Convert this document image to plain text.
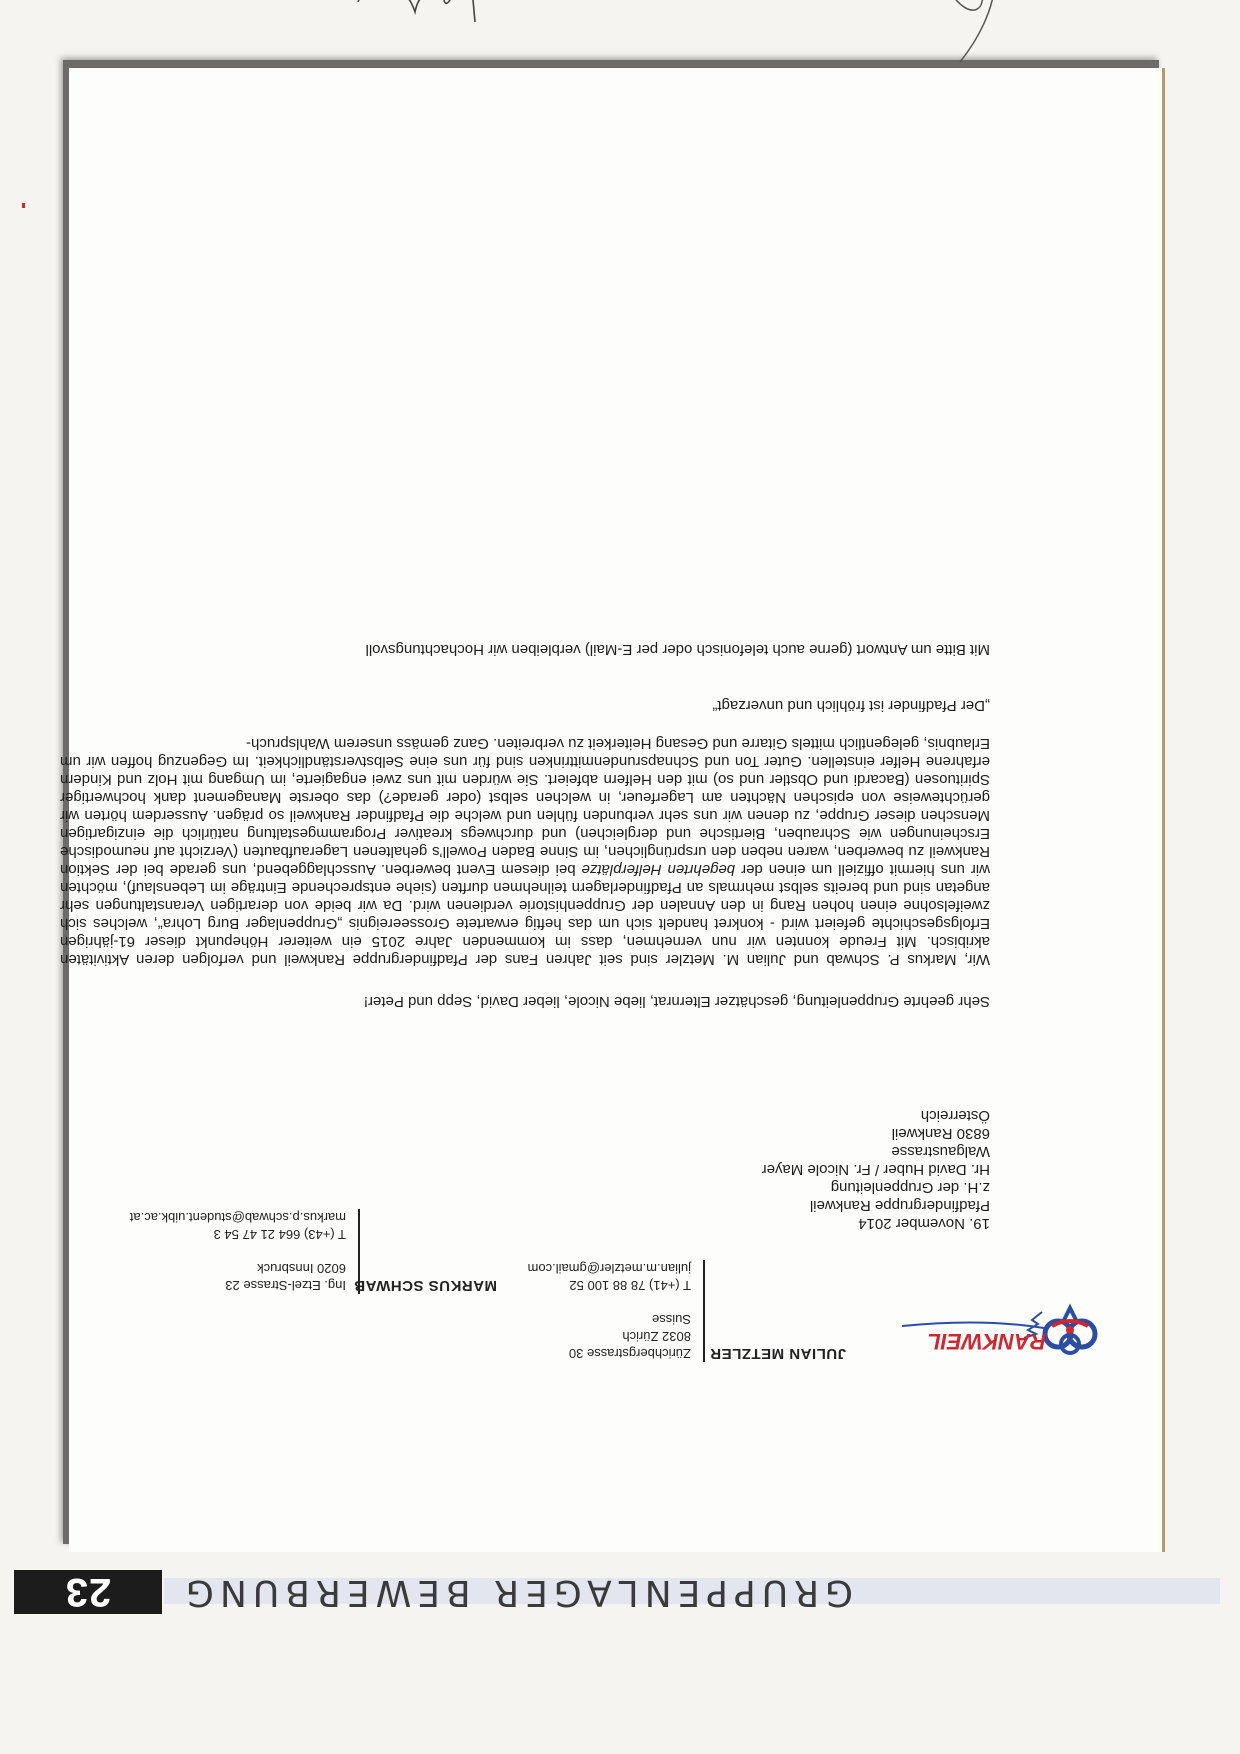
GRUPPENLAGER BEWERBUNG
23
RANKWEIL
Zürichbergstrasse 30
8032 Zürich
Suisse
T (+41) 78 88 100 52
julian.m.metzler@gmail.com
JULIAN METZLER
MARKUS SCHWAB
Ing. Etzel-Strasse 23
6020 Innsbruck
T (+43) 664 21 47 54 3
markus.p.schwab@student.uibk.ac.at	19. November 2014
Pfadfindergruppe Rankweil
z.H. der Gruppenleitung
Hr. David Huber / Fr. Nicole Mayer
Walgaustrasse
6830 Rankweil
Österreich
Sehr geehrte Gruppenleitung, geschätzer Elternrat, liebe Nicole, lieber David, Sepp und Peter!
Wir, Markus P. Schwab und Julian M. Metzler sind seit Jahren Fans der Pfadfindergruppe Rankweil und verfolgen deren Aktivitäten akribisch. Mit Freude konnten wir nun vernehmen, dass im kommenden Jahre 2015 ein weiterer Höhepunkt dieser 61-jährigen Erfolgsgeschichte gefeiert wird - konkret handelt sich um das heftig erwartete Grosseereignis „Gruppenlager Burg Lohra“, welches sich zweifelsohne einen hohen Rang in den Annalen der Gruppenhistorie verdienen wird. Da wir beide von derartigen Veranstaltungen sehr angetan sind und bereits selbst mehrmals an Pfadfinderlagern teilnehmen durften (siehe entsprechende Einträge im Lebenslauf), möchten wir uns hiermit offiziell um einen der begehrten Helferplätze bei diesem Event bewerben. Ausschlaggebend, uns gerade bei der Sektion Rankweil zu bewerben, waren neben den ursprünglichen, im Sinne Baden Powell’s gehaltenen Lageraufbauten (Verzicht auf neumodische Erscheinungen wie Schrauben, Biertische und dergleichen) und durchwegs kreativer Programmgestaltung natürlich die einzigartigen Menschen dieser Gruppe, zu denen wir uns sehr verbunden fühlen und welche die Pfadfinder Rankweil so prägen. Ausserdem hörten wir gerüchteweise von epischen Nächten am Lagerfeuer, in welchen selbst (oder gerade?) das oberste Management dank hochwertiger Spirituosen (Bacardi und Obstler und so) mit den Helfern abfeiert. Sie würden mit uns zwei engagierte, im Umgang mit Holz und Kindern erfahrene Helfer einstellen. Guter Ton und Schnapsrundenmittrinken sind für uns eine Selbstverständlichkeit. Im Gegenzug hoffen wir um Erlaubnis, gelegentlich mittels Gitarre und Gesang Heiterkeit zu verbreiten. Ganz gemäss unserem Wahlspruch-
„Der Pfadfinder ist fröhlich und unverzagt“
Mit Bitte um Antwort (gerne auch telefonisch oder per E-Mail) verbleiben wir Hochachtungsvoll
